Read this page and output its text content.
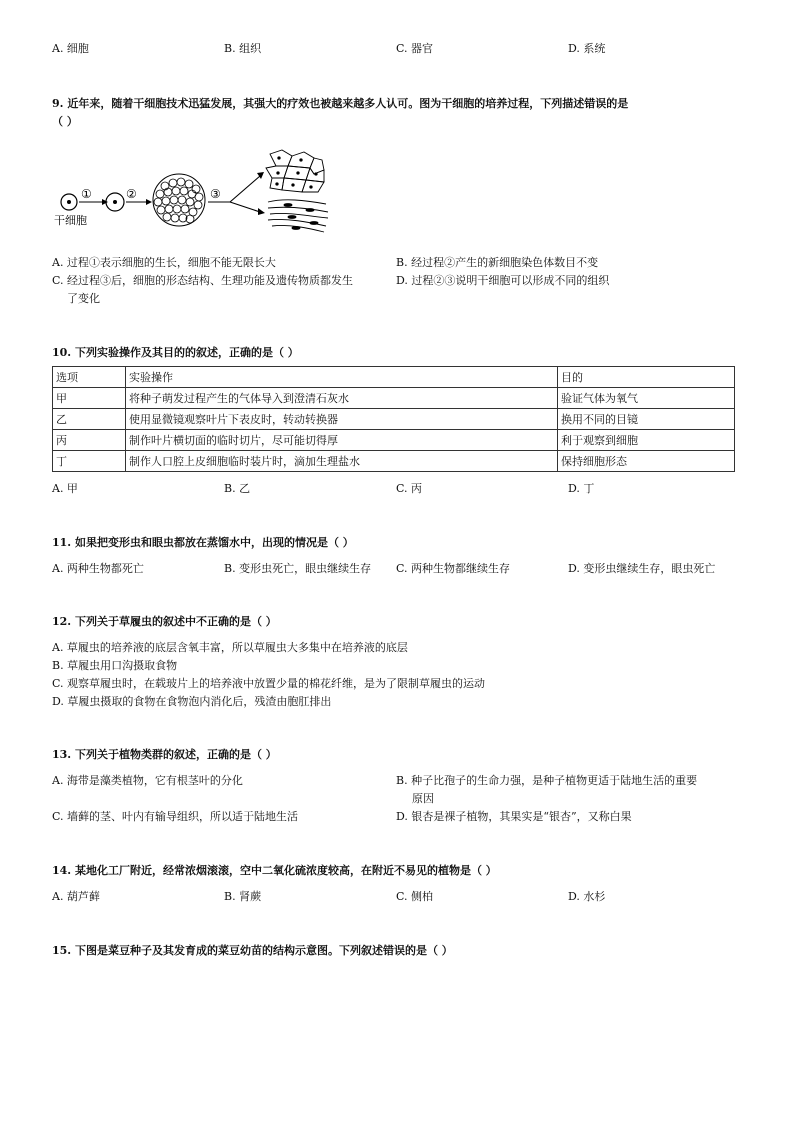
A. 细胞	B. 组织	C. 器官	D. 系统
9. 近年来，随着干细胞技术迅猛发展，其强大的疗效也被越来越多人认可。图为干细胞的培养过程，下列描述错误的是
（ ）
①	②	③
干细胞
A. 过程①表示细胞的生长，细胞不能无限长大	B. 经过程②产生的新细胞染色体数目不变
C. 经过程③后，细胞的形态结构、生理功能及遗传物质都发生
了变化
D. 过程②③说明干细胞可以形成不同的组织
10. 下列实验操作及其目的的叙述，正确的是（ ）
选项	实验操作	目的
甲	将种子萌发过程产生的气体导入到澄清石灰水	验证气体为氧气
乙	使用显微镜观察叶片下表皮时，转动转换器	换用不同的目镜
丙	制作叶片横切面的临时切片，尽可能切得厚	利于观察到细胞
丁	制作人口腔上皮细胞临时装片时，滴加生理盐水	保持细胞形态
A. 甲	B. 乙	C. 丙	D. 丁
11. 如果把变形虫和眼虫都放在蒸馏水中，出现的情况是（ ）
A. 两种生物都死亡	B. 变形虫死亡，眼虫继续生存 C. 两种生物都继续生存	D. 变形虫继续生存，眼虫死亡
12. 下列关于草履虫的叙述中不正确的是（ ）
A. 草履虫的培养液的底层含氧丰富，所以草履虫大多集中在培养液的底层
B. 草履虫用口沟摄取食物
C. 观察草履虫时，在载玻片上的培养液中放置少量的棉花纤维，是为了限制草履虫的运动
D. 草履虫摄取的食物在食物泡内消化后，残渣由胞肛排出
13. 下列关于植物类群的叙述，正确的是（ ）
A. 海带是藻类植物，它有根茎叶的分化	B. 种子比孢子的生命力强，是种子植物更适于陆地生活的重要
原因
C. 墙藓的茎、叶内有输导组织，所以适于陆地生活	D. 银杏是裸子植物，其果实是“银杏”，又称白果
14. 某地化工厂附近，经常浓烟滚滚，空中二氧化硫浓度较高，在附近不易见的植物是（ ）
A. 葫芦藓	B. 肾蕨	C. 侧柏	D. 水杉
15. 下图是菜豆种子及其发育成的菜豆幼苗的结构示意图。下列叙述错误的是（ ）
